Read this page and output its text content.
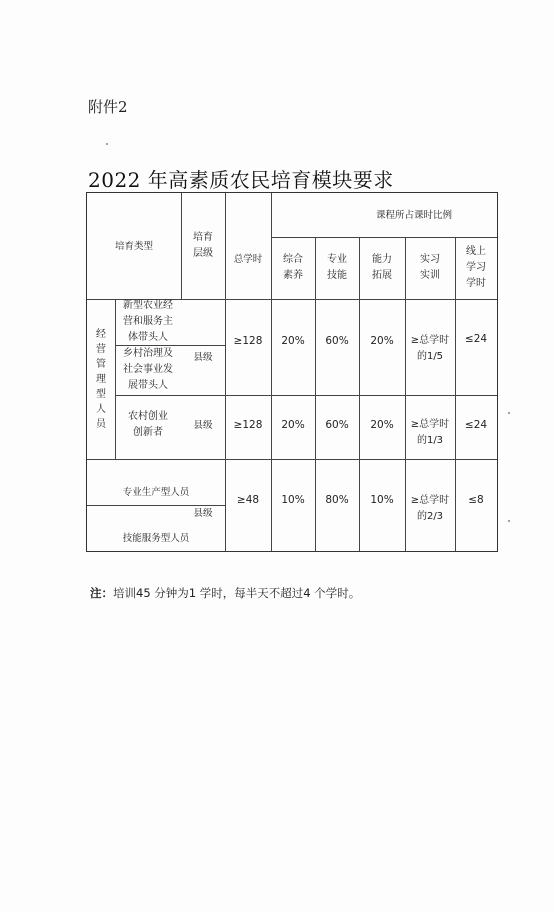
附件2
2022 年高素质农民培育模块要求
培育类型
培育
层级
总学时
课程所占课时比例
综合
素养
专业
技能
能力
拓展
实习
实训
线上
学习
学时
经
营
管
理
型
人
员
新型农业经
营和服务主
体带头人
乡村治理及
社会事业发
展带头人
县级
≥128 20% 60% 20% ≥总学时
的1/5
≤24
农村创业
创新者
县级 ≥128 20% 60% 20% ≥总学时
的1/3
≤24
专业生产型人员
技能服务型人员
县级
≥48 10% 80% 10% ≥总学时
的2/3
≤8
注：培训45 分钟为1 学时，每半天不超过4 个学时。
